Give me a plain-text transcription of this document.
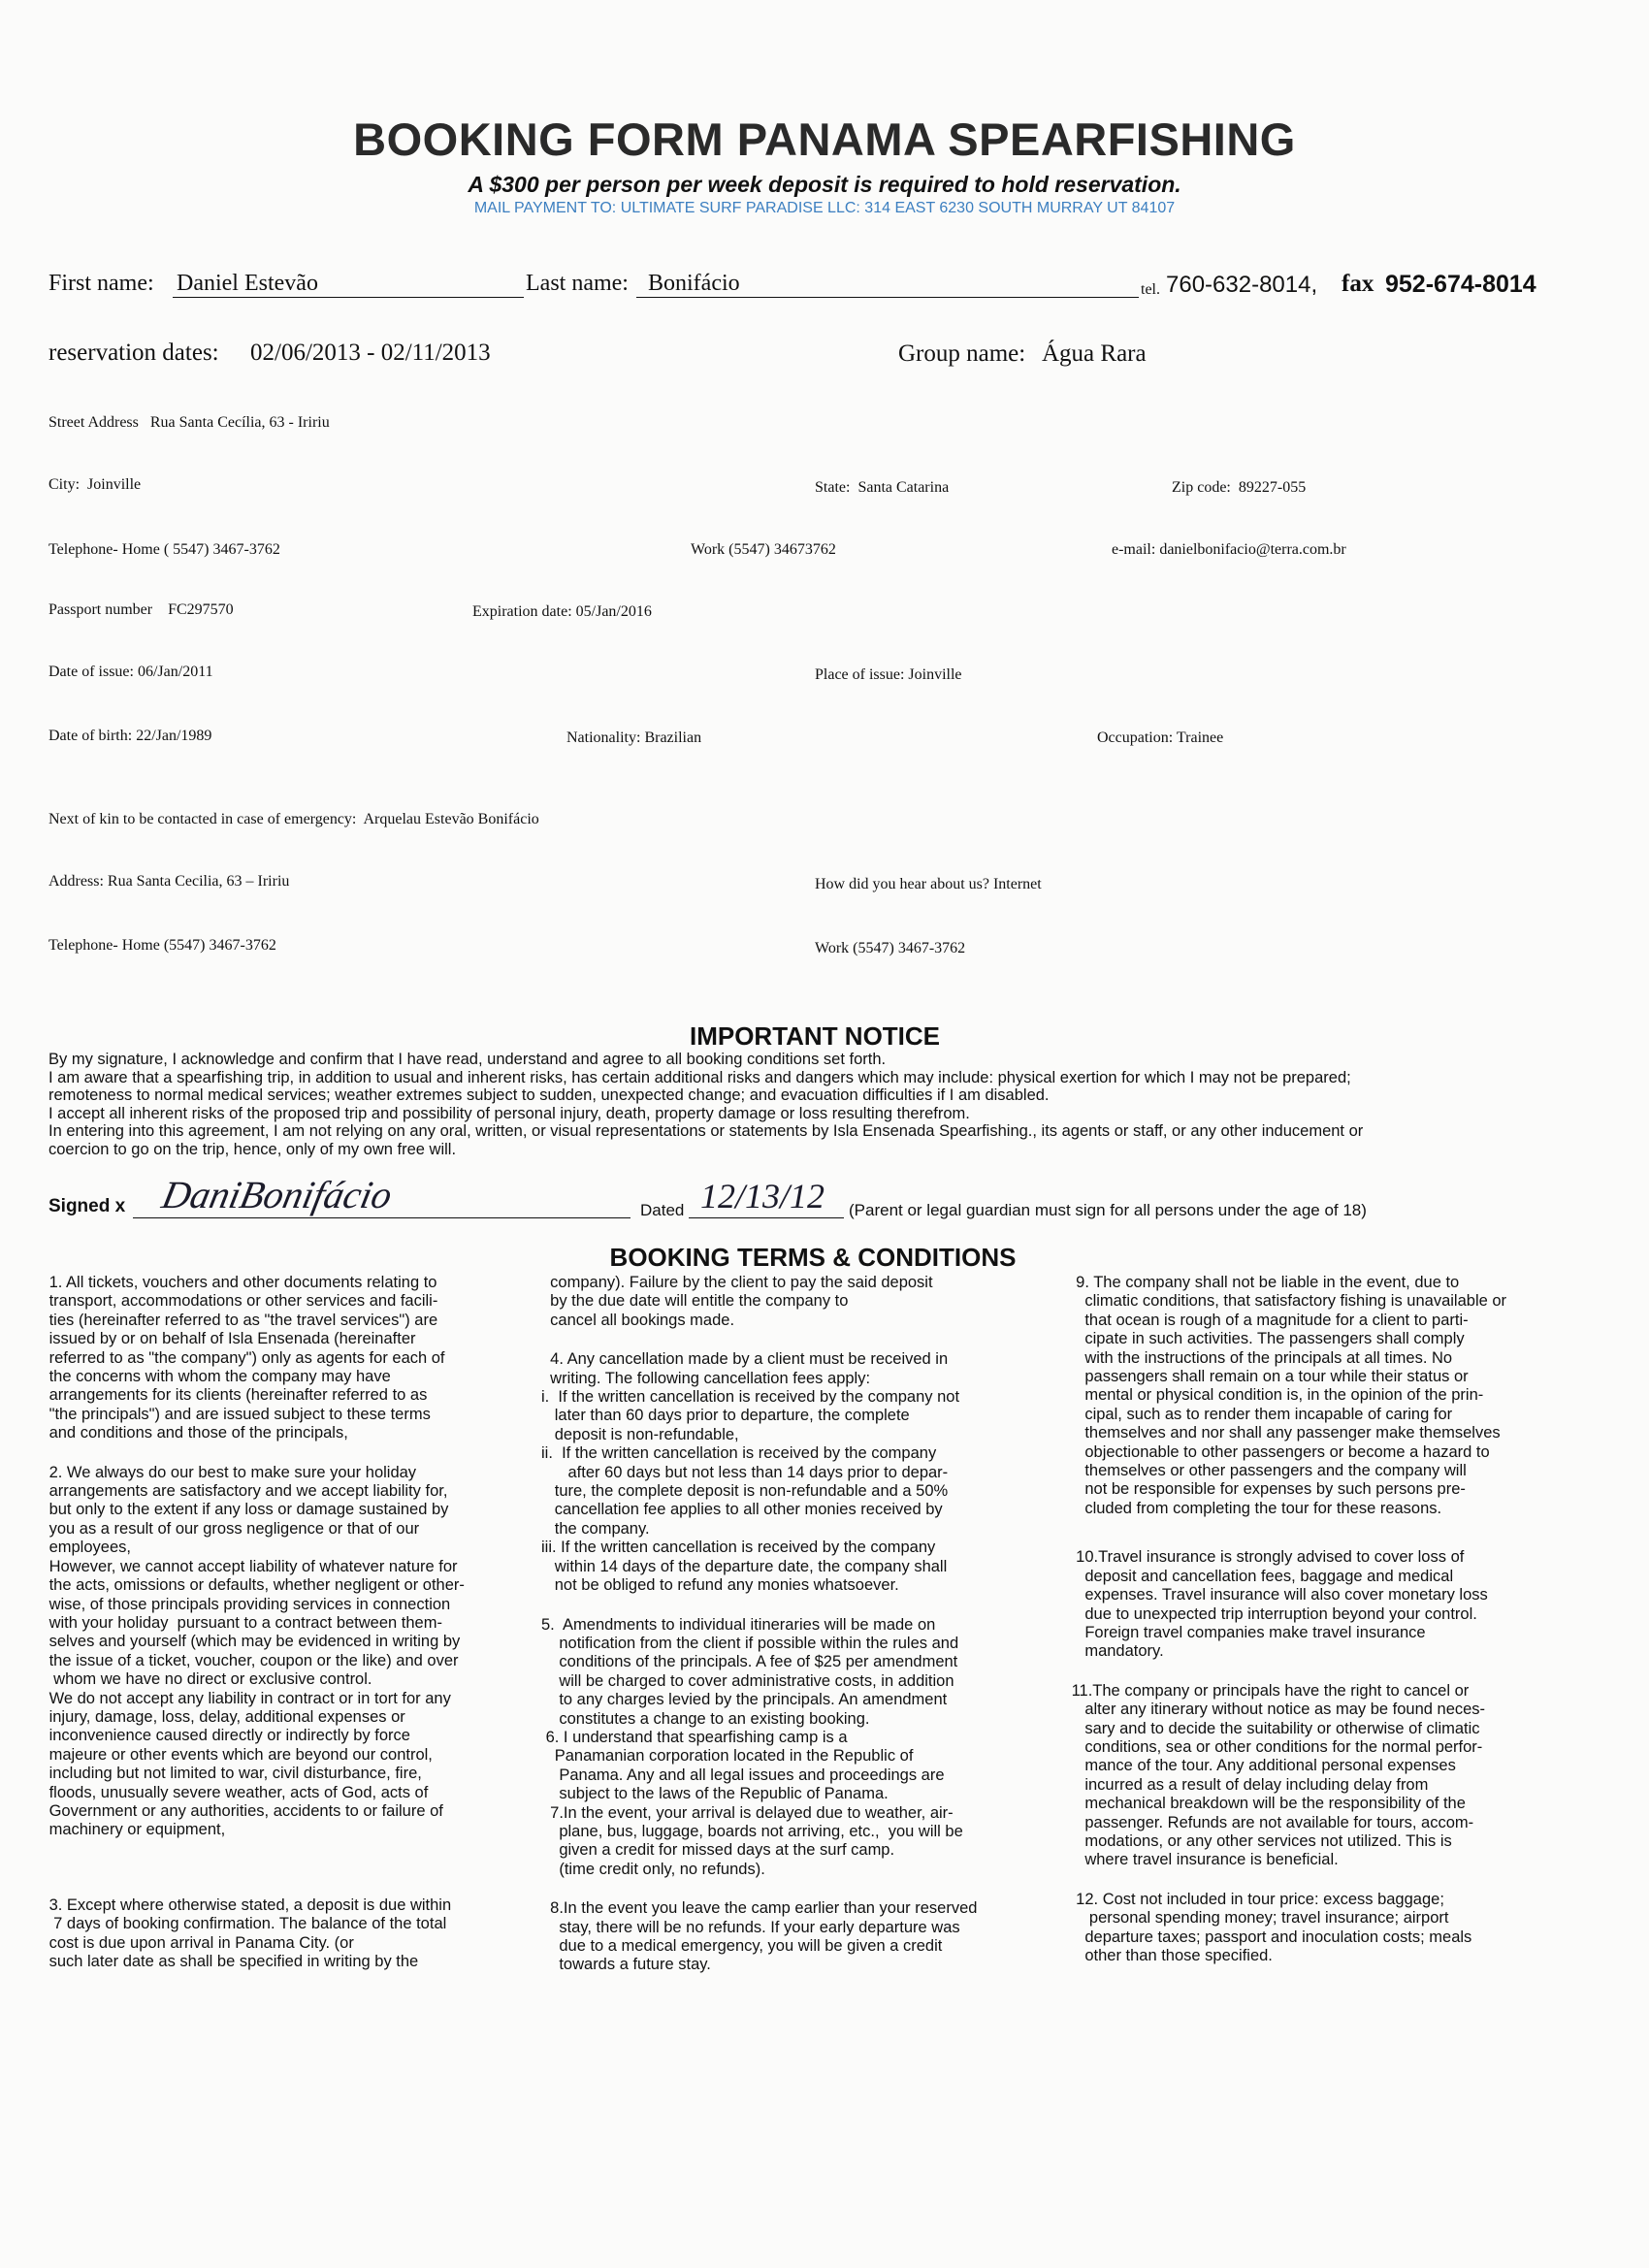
BOOKING FORM PANAMA SPEARFISHING
A $300 per person per week deposit is required to hold reservation.
MAIL PAYMENT TO: ULTIMATE SURF PARADISE LLC: 314 EAST 6230 SOUTH MURRAY UT 84107
First name: Daniel Estevão	Last name: Bonifácio	tel. 760-632-8014, fax 952-674-8014
reservation dates: 02/06/2013 - 02/11/2013	Group name: Água Rara
Street Address Rua Santa Cecília, 63 - Iririu
City: Joinville	State: Santa Catarina	Zip code: 89227-055
Telephone- Home ( 5547) 3467-3762	Work (5547) 34673762	e-mail: danielbonifacio@terra.com.br
Passport number FC297570	Expiration date: 05/Jan/2016
Date of issue: 06/Jan/2011	Place of issue: Joinville
Date of birth: 22/Jan/1989	Nationality: Brazilian	Occupation: Trainee
Next of kin to be contacted in case of emergency: Arquelau Estevão Bonifácio
Address: Rua Santa Cecilia, 63 – Iririu	How did you hear about us? Internet
Telephone- Home (5547) 3467-3762	Work (5547) 3467-3762
IMPORTANT NOTICE
By my signature, I acknowledge and confirm that I have read, understand and agree to all booking conditions set forth.
I am aware that a spearfishing trip, in addition to usual and inherent risks, has certain additional risks and dangers which may include: physical exertion for which I may not be prepared;
remoteness to normal medical services; weather extremes subject to sudden, unexpected change; and evacuation difficulties if I am disabled.
I accept all inherent risks of the proposed trip and possibility of personal injury, death, property damage or loss resulting therefrom.
In entering into this agreement, I am not relying on any oral, written, or visual representations or statements by Isla Ensenada Spearfishing., its agents or staff, or any other inducement or
coercion to go on the trip, hence, only of my own free will.
Signed x DaniBonifácio	Dated 12/13/12 (Parent or legal guardian must sign for all persons under the age of 18)
BOOKING TERMS & CONDITIONS

1. All tickets, vouchers and other documents relating to

transport, accommodations or other services and facili-

ties (hereinafter referred to as "the travel services") are

issued by or on behalf of Isla Ensenada (hereinafter

referred to as "the company") only as agents for each of

the concerns with whom the company may have

arrangements for its clients (hereinafter referred to as

"the principals") and are issued subject to these terms

and conditions and those of the principals,

2. We always do our best to make sure your holiday

arrangements are satisfactory and we accept liability for,

but only to the extent if any loss or damage sustained by

you as a result of our gross negligence or that of our

employees,

However, we cannot accept liability of whatever nature for

the acts, omissions or defaults, whether negligent or other-

wise, of those principals providing services in connection

with your holiday  pursuant to a contract between them-

selves and yourself (which may be evidenced in writing by

the issue of a ticket, voucher, coupon or the like) and over

whom we have no direct or exclusive control.

We do not accept any liability in contract or in tort for any

injury, damage, loss, delay, additional expenses or

inconvenience caused directly or indirectly by force

majeure or other events which are beyond our control,

including but not limited to war, civil disturbance, fire,

floods, unusually severe weather, acts of God, acts of

Government or any authorities, accidents to or failure of

machinery or equipment,

3. Except where otherwise stated, a deposit is due within

7 days of booking confirmation. The balance of the total

cost is due upon arrival in Panama City. (or

such later date as shall be specified in writing by the

company). Failure by the client to pay the said deposit

by the due date will entitle the company to

cancel all bookings made.

4. Any cancellation made by a client must be received in

writing. The following cancellation fees apply:

i.  If the written cancellation is received by the company not

later than 60 days prior to departure, the complete

deposit is non-refundable,

ii.  If the written cancellation is received by the company

after 60 days but not less than 14 days prior to depar-

ture, the complete deposit is non-refundable and a 50%

cancellation fee applies to all other monies received by

the company.

iii. If the written cancellation is received by the company

within 14 days of the departure date, the company shall

not be obliged to refund any monies whatsoever.

5.  Amendments to individual itineraries will be made on

notification from the client if possible within the rules and

conditions of the principals. A fee of $25 per amendment

will be charged to cover administrative costs, in addition

to any charges levied by the principals. An amendment

constitutes a change to an existing booking.

6. I understand that spearfishing camp is a

Panamanian corporation located in the Republic of

Panama. Any and all legal issues and proceedings are

subject to the laws of the Republic of Panama.

7.In the event, your arrival is delayed due to weather, air-

plane, bus, luggage, boards not arriving, etc.,  you will be

given a credit for missed days at the surf camp.

(time credit only, no refunds).

8.In the event you leave the camp earlier than your reserved

stay, there will be no refunds. If your early departure was

due to a medical emergency, you will be given a credit

towards a future stay.

9. The company shall not be liable in the event, due to

climatic conditions, that satisfactory fishing is unavailable or

that ocean is rough of a magnitude for a client to parti-

cipate in such activities. The passengers shall comply

with the instructions of the principals at all times. No

passengers shall remain on a tour while their status or

mental or physical condition is, in the opinion of the prin-

cipal, such as to render them incapable of caring for

themselves and nor shall any passenger make themselves

objectionable to other passengers or become a hazard to

themselves or other passengers and the company will

not be responsible for expenses by such persons pre-

cluded from completing the tour for these reasons.

10.Travel insurance is strongly advised to cover loss of

deposit and cancellation fees, baggage and medical

expenses. Travel insurance will also cover monetary loss

due to unexpected trip interruption beyond your control.

Foreign travel companies make travel insurance

mandatory.

11.The company or principals have the right to cancel or

alter any itinerary without notice as may be found neces-

sary and to decide the suitability or otherwise of climatic

conditions, sea or other conditions for the normal perfor-

mance of the tour. Any additional personal expenses

incurred as a result of delay including delay from

mechanical breakdown will be the responsibility of the

passenger. Refunds are not available for tours, accom-

modations, or any other services not utilized. This is

where travel insurance is beneficial.

12. Cost not included in tour price: excess baggage;

personal spending money; travel insurance; airport

departure taxes; passport and inoculation costs; meals

other than those specified.
